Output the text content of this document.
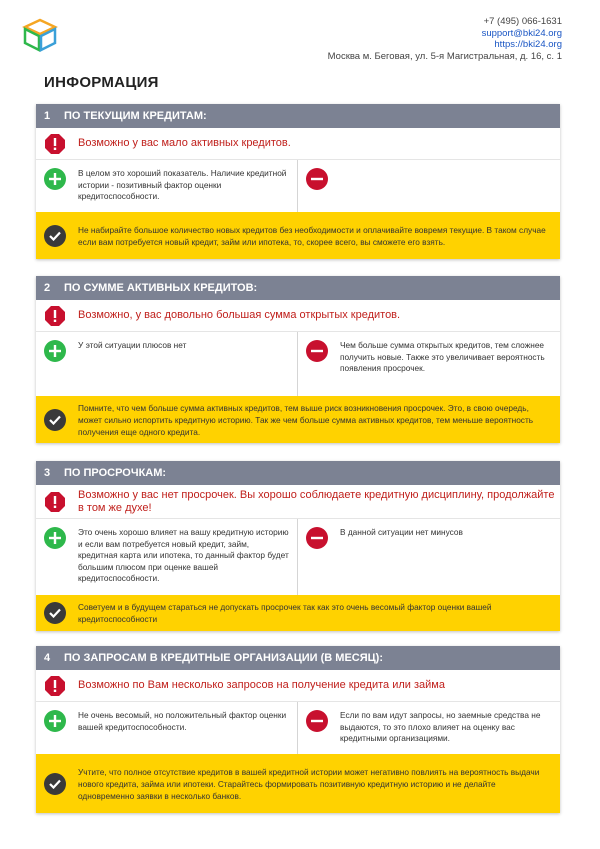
+7 (495) 066-1631
support@bki24.org
https://bki24.org
Москва м. Беговая, ул. 5-я Магистральная, д. 16, с. 1
ИНФОРМАЦИЯ
1	ПО ТЕКУЩИМ КРЕДИТАМ:
Возможно у вас мало активных кредитов.
В целом это хороший показатель. Наличие кредитной истории - позитивный фактор оценки кредитоспособности.
Не набирайте большое количество новых кредитов без необходимости и оплачивайте вовремя текущие. В таком случае если вам потребуется новый кредит, займ или ипотека, то, скорее всего, вы сможете его взять.
2	ПО СУММЕ АКТИВНЫХ КРЕДИТОВ:
Возможно, у вас довольно большая сумма открытых кредитов.
У этой ситуации плюсов нет	Чем больше сумма открытых кредитов, тем сложнее получить новые. Также это увеличивает вероятность появления просрочек.
Помните, что чем больше сумма активных кредитов, тем выше риск возникновения просрочек. Это, в свою очередь, может сильно испортить кредитную историю. Так же чем больше сумма активных кредитов, тем меньше вероятность получения еще одного кредита.
3	ПО ПРОСРОЧКАМ:
Возможно у вас нет просрочек. Вы хорошо соблюдаете кредитную дисциплину, продолжайте в том же духе!
Это очень хорошо влияет на вашу кредитную историю и если вам потребуется новый кредит, займ, кредитная карта или ипотека, то данный фактор будет большим плюсом при оценке вашей кредитоспособности.
В данной ситуации нет минусов
Советуем и в будущем стараться не допускать просрочек так как это очень весомый фактор оценки вашей кредитоспособности
4	ПО ЗАПРОСАМ В КРЕДИТНЫЕ ОРГАНИЗАЦИИ (В МЕСЯЦ):
Возможно по Вам несколько запросов на получение кредита или займа
Не очень весомый, но положительный фактор оценки вашей кредитоспособности.
Если по вам идут запросы, но заемные средства не выдаются, то это плохо влияет на оценку вас кредитными организациями.
Учтите, что полное отсутствие кредитов в вашей кредитной истории может негативно повлиять на вероятность выдачи нового кредита, займа или ипотеки. Старайтесь формировать позитивную кредитную историю и не делайте одновременно заявки в несколько банков.
